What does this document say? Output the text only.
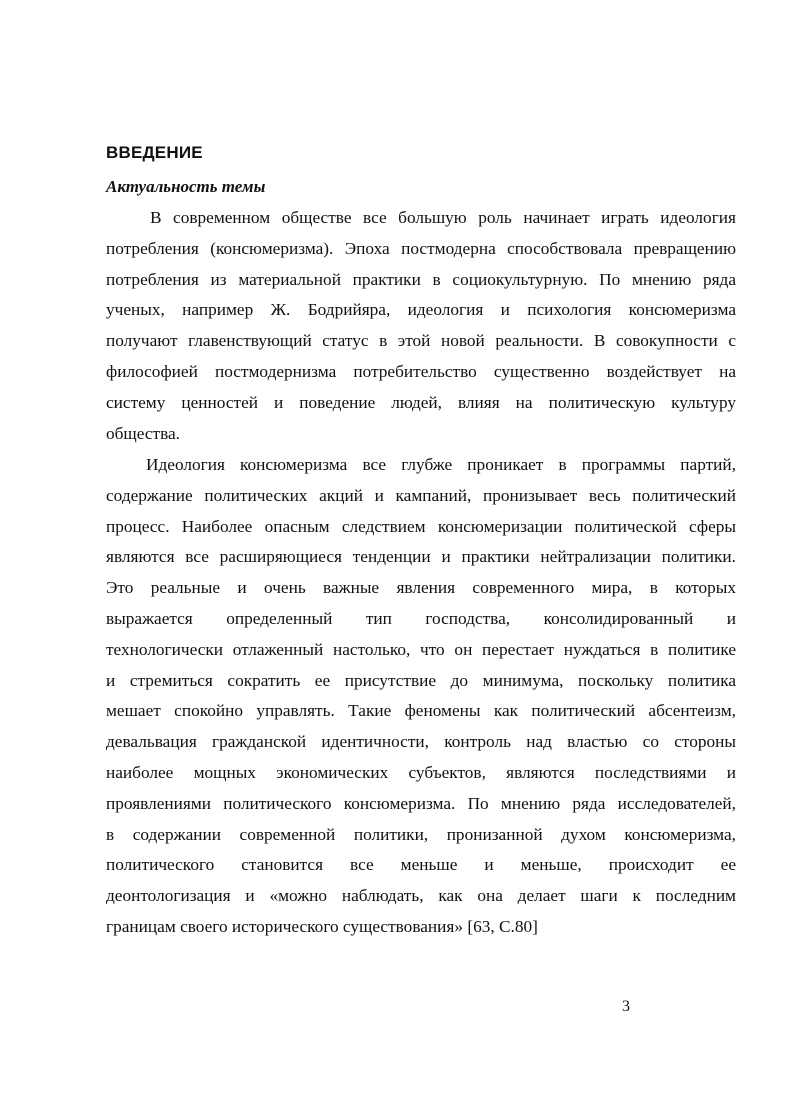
ВВЕДЕНИЕ
Актуальность темы
В современном обществе все большую роль начинает играть идеология
потребления (консюмеризма). Эпоха постмодерна способствовала превращению
потребления из материальной практики в социокультурную. По мнению ряда
ученых, например Ж. Бодрийяра, идеология и психология консюмеризма
получают главенствующий статус в этой новой реальности. В совокупности с
философией постмодернизма потребительство существенно воздействует на
систему ценностей и поведение людей, влияя на политическую культуру
общества.
Идеология консюмеризма все глубже проникает в программы партий,
содержание политических акций и кампаний, пронизывает весь политический
процесс. Наиболее опасным следствием консюмеризации политической сферы
являются все расширяющиеся тенденции и практики нейтрализации политики.
Это реальные и очень важные явления современного мира, в которых
выражается определенный тип господства, консолидированный и
технологически отлаженный настолько, что он перестает нуждаться в политике
и стремиться сократить ее присутствие до минимума, поскольку политика
мешает спокойно управлять. Такие феномены как политический абсентеизм,
девальвация гражданской идентичности, контроль над властью со стороны
наиболее мощных экономических субъектов, являются последствиями и
проявлениями политического консюмеризма. По мнению ряда исследователей,
в содержании современной политики, пронизанной духом консюмеризма,
политического становится все меньше и меньше, происходит ее
деонтологизация и «можно наблюдать, как она делает шаги к последним
границам своего исторического существования» [63, С.80]
3
